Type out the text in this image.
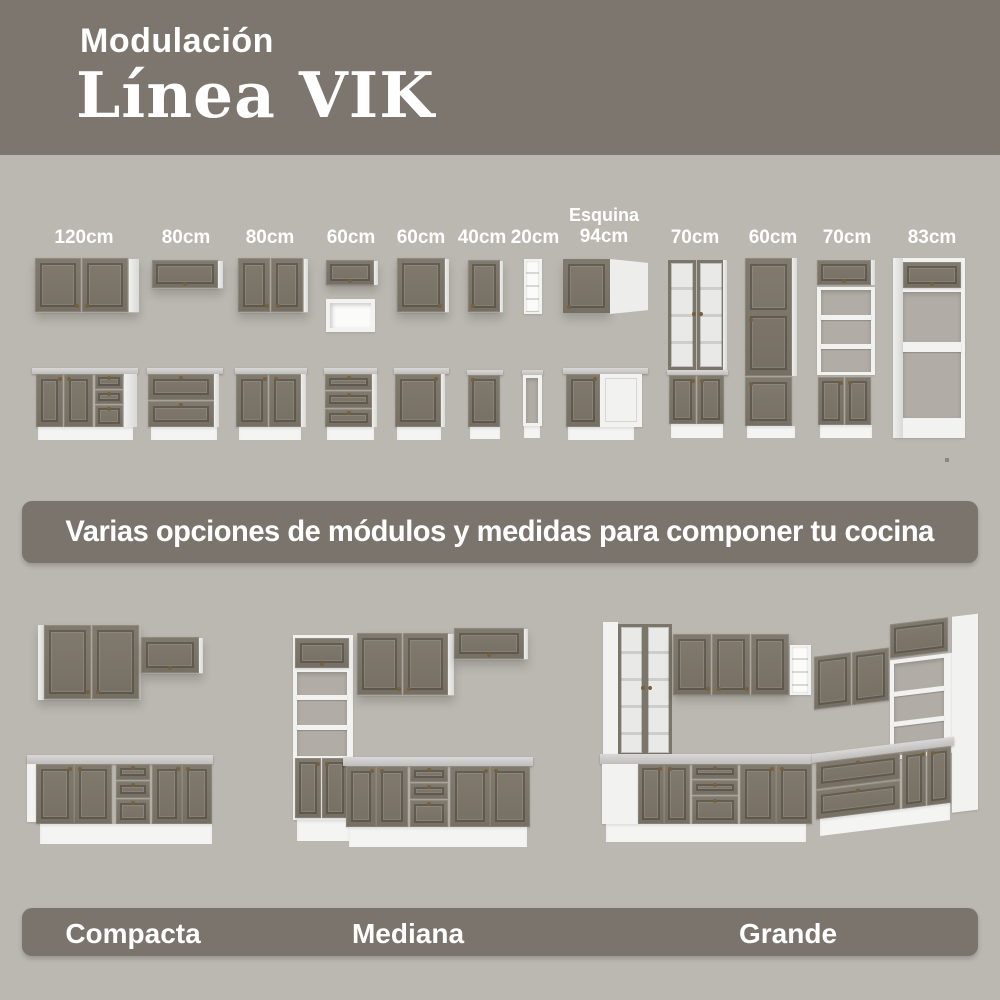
Modulación
Línea VIK
120cm	80cm 80cm 60cm 60cm 40cm 20cm
Esquina
94cm	70cm 60cm 70cm 83cm
Varias opciones de módulos y medidas para componer tu cocina
Compacta	Mediana	Grande
